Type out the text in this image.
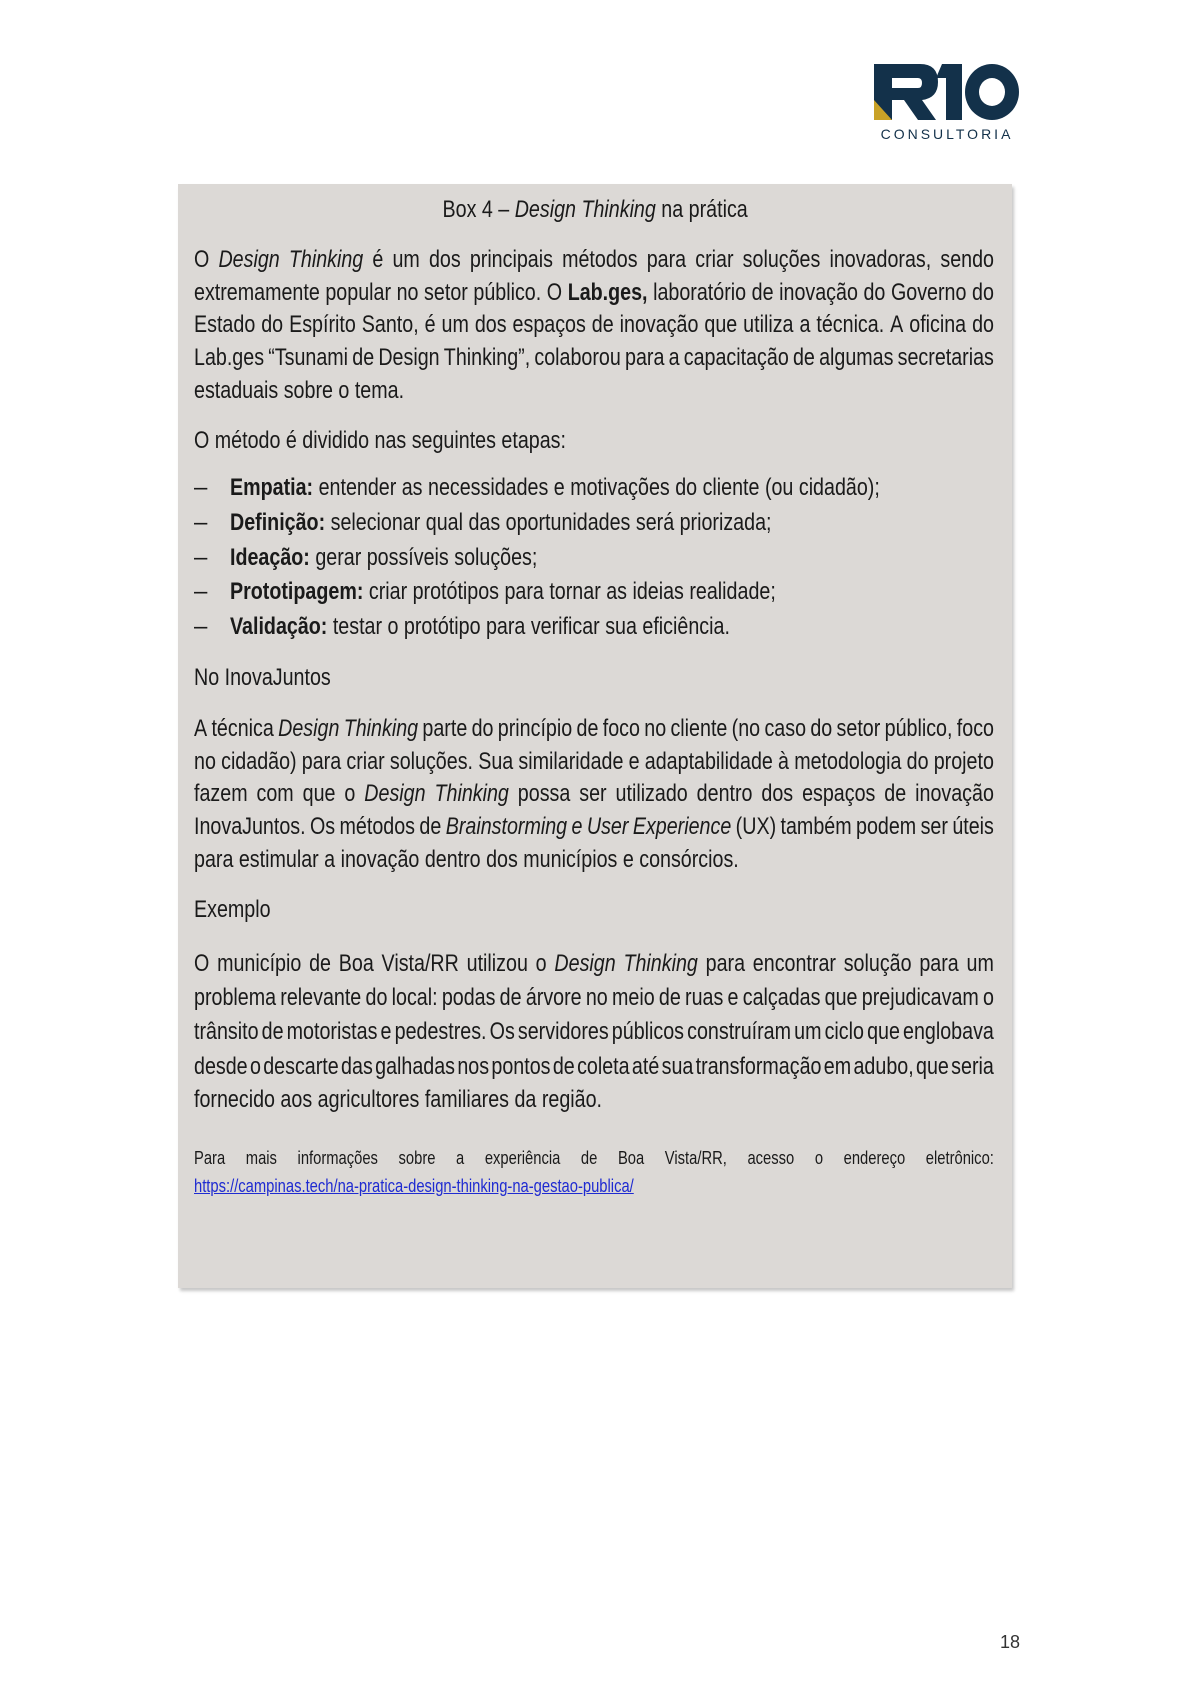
CONSULTORIA
Box 4 – Design Thinking na prática
O Design Thinking é um dos principais métodos para criar soluções inovadoras, sendo
extremamente popular no setor público. O Lab.ges, laboratório de inovação do Governo do
Estado do Espírito Santo, é um dos espaços de inovação que utiliza a técnica. A oficina do
Lab.ges “Tsunami de Design Thinking”, colaborou para a capacitação de algumas secretarias
estaduais sobre o tema.
O método é dividido nas seguintes etapas:
– Empatia: entender as necessidades e motivações do cliente (ou cidadão);
– Definição: selecionar qual das oportunidades será priorizada;
– Ideação: gerar possíveis soluções;
– Prototipagem: criar protótipos para tornar as ideias realidade;
– Validação: testar o protótipo para verificar sua eficiência.
No InovaJuntos
A técnica Design Thinking parte do princípio de foco no cliente (no caso do setor público, foco
no cidadão) para criar soluções. Sua similaridade e adaptabilidade à metodologia do projeto
fazem com que o Design Thinking possa ser utilizado dentro dos espaços de inovação
InovaJuntos. Os métodos de Brainstorming e User Experience (UX) também podem ser úteis
para estimular a inovação dentro dos municípios e consórcios.
Exemplo
O município de Boa Vista/RR utilizou o Design Thinking para encontrar solução para um
problema relevante do local: podas de árvore no meio de ruas e calçadas que prejudicavam o
trânsito de motoristas e pedestres. Os servidores públicos construíram um ciclo que englobava
desde o descarte das galhadas nos pontos de coleta até sua transformação em adubo, que seria
fornecido aos agricultores familiares da região.
Para mais informações sobre a experiência de Boa Vista/RR, acesso o endereço eletrônico:
https://campinas.tech/na-pratica-design-thinking-na-gestao-publica/
18
